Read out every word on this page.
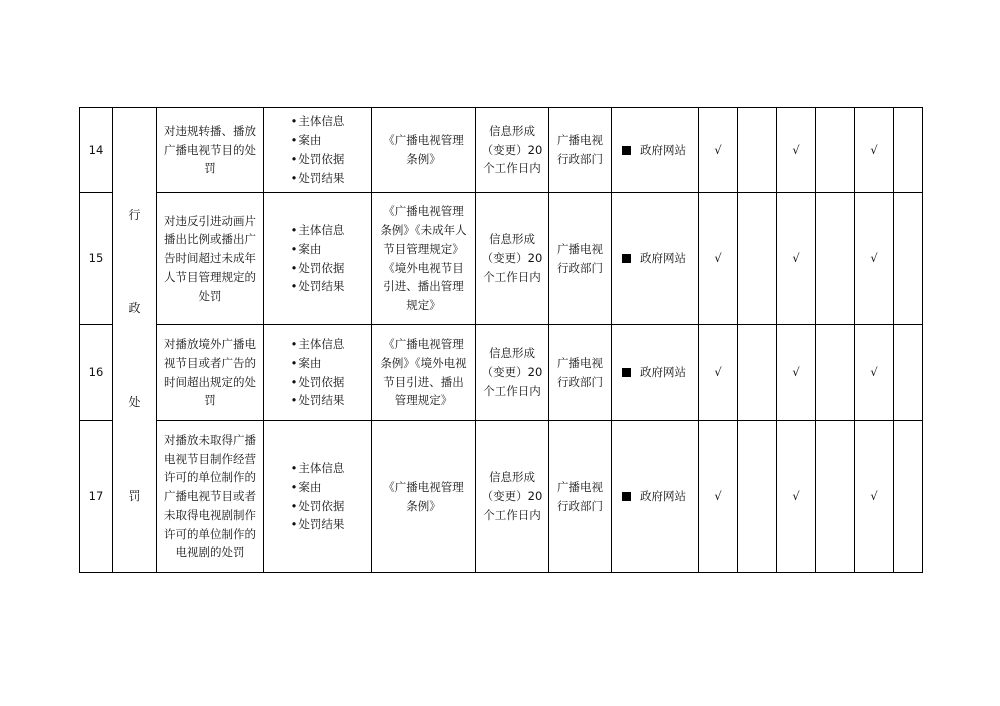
14	行
政
处
罚	对违规转播、播放广播电视节目的处罚	• 主体信息
• 案由
• 处罚依据
• 处罚结果	《广播电视管理条例》	信息形成（变更）20个工作日内	广播电视行政部门	政府网站	√		√		√	
15		对违反引进动画片播出比例或播出广告时间超过未成年人节目管理规定的处罚	• 主体信息
• 案由
• 处罚依据
• 处罚结果	《广播电视管理条例》《未成年人节目管理规定》《境外电视节目引进、播出管理规定》	信息形成（变更）20个工作日内	广播电视行政部门	政府网站	√		√		√	
16		对播放境外广播电视节目或者广告的时间超出规定的处罚	• 主体信息
• 案由
• 处罚依据
• 处罚结果	《广播电视管理条例》《境外电视节目引进、播出管理规定》	信息形成（变更）20个工作日内	广播电视行政部门	政府网站	√		√		√	
17		对播放未取得广播电视节目制作经营许可的单位制作的广播电视节目或者未取得电视剧制作许可的单位制作的电视剧的处罚	• 主体信息
• 案由
• 处罚依据
• 处罚结果	《广播电视管理条例》	信息形成（变更）20个工作日内	广播电视行政部门	政府网站	√		√		√	
